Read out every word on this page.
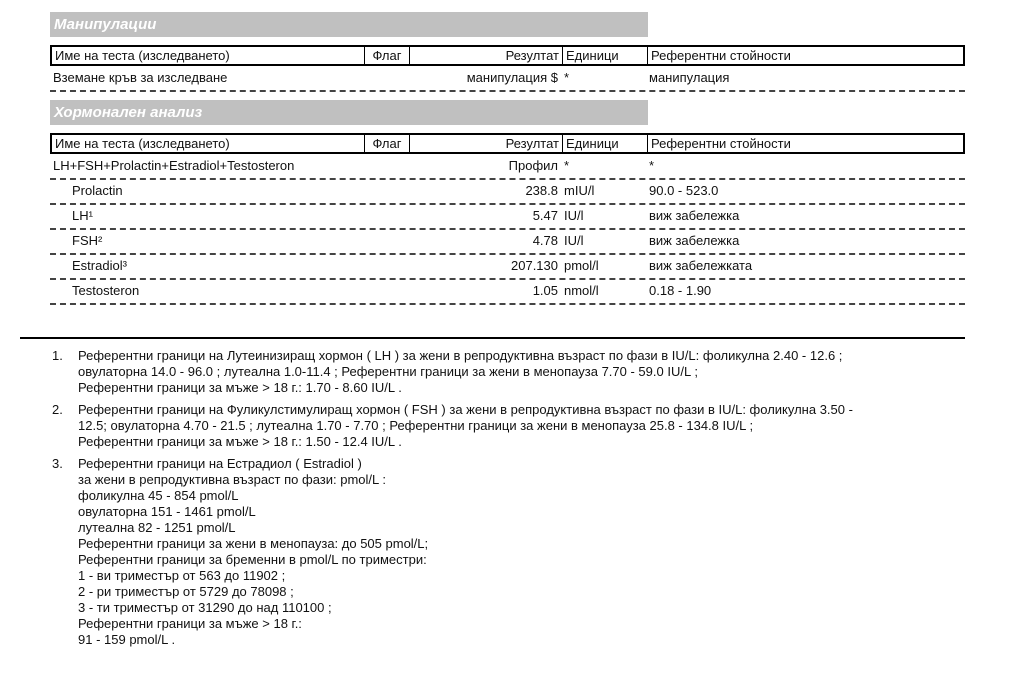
Манипулации
Име на теста (изследването)	Флаг	Резултат Единици	Референтни стойности
Вземане кръв за изследване	манипулация $ *	манипулация
Хормонален анализ
Име на теста (изследването)	Флаг	Резултат Единици	Референтни стойности
LH+FSH+Prolactin+Estradiol+Testosteron	Профил *	*
Prolactin	238.8 mIU/l	90.0 - 523.0
LH¹	5.47 IU/l	виж забележка
FSH²	4.78 IU/l	виж забележка
Estradiol³	207.130 pmol/l	виж забележката
Testosteron	1.05 nmol/l	0.18 - 1.90
1.	Референтни граници на Лутеинизиращ хормон ( LH ) за жени в репродуктивна възраст по фази в IU/L: фоликулна 2.40 - 12.6 ;
овулаторна 14.0 - 96.0 ; лутеална 1.0-11.4 ; Референтни граници за жени в менопауза 7.70 - 59.0 IU/L ;
Референтни граници за мъже > 18 г.: 1.70 - 8.60 IU/L .

2.	Референтни граници на Фуликулстимулиращ хормон ( FSH ) за жени в репродуктивна възраст по фази в IU/L: фоликулна 3.50 -
12.5; овулаторна 4.70 - 21.5 ; лутеална 1.70 - 7.70 ; Референтни граници за жени в менопауза 25.8 - 134.8 IU/L ;
Референтни граници за мъже > 18 г.: 1.50 - 12.4 IU/L .

3.	Референтни граници на Естрадиол ( Estradiol )
за жени в репродуктивна възраст по фази: pmol/L :
фоликулна 45 - 854 pmol/L
овулаторна 151 - 1461 pmol/L
лутеална 82 - 1251 pmol/L
Референтни граници за жени в менопауза: до 505 pmol/L;
Референтни граници за бременни в pmol/L по триместри:
1 - ви триместър от 563 до 11902 ;
2 - ри триместър от 5729 до 78098 ;
3 - ти триместър от 31290 до над 110100 ;
Референтни граници за мъже > 18 г.:
91 - 159 pmol/L .
